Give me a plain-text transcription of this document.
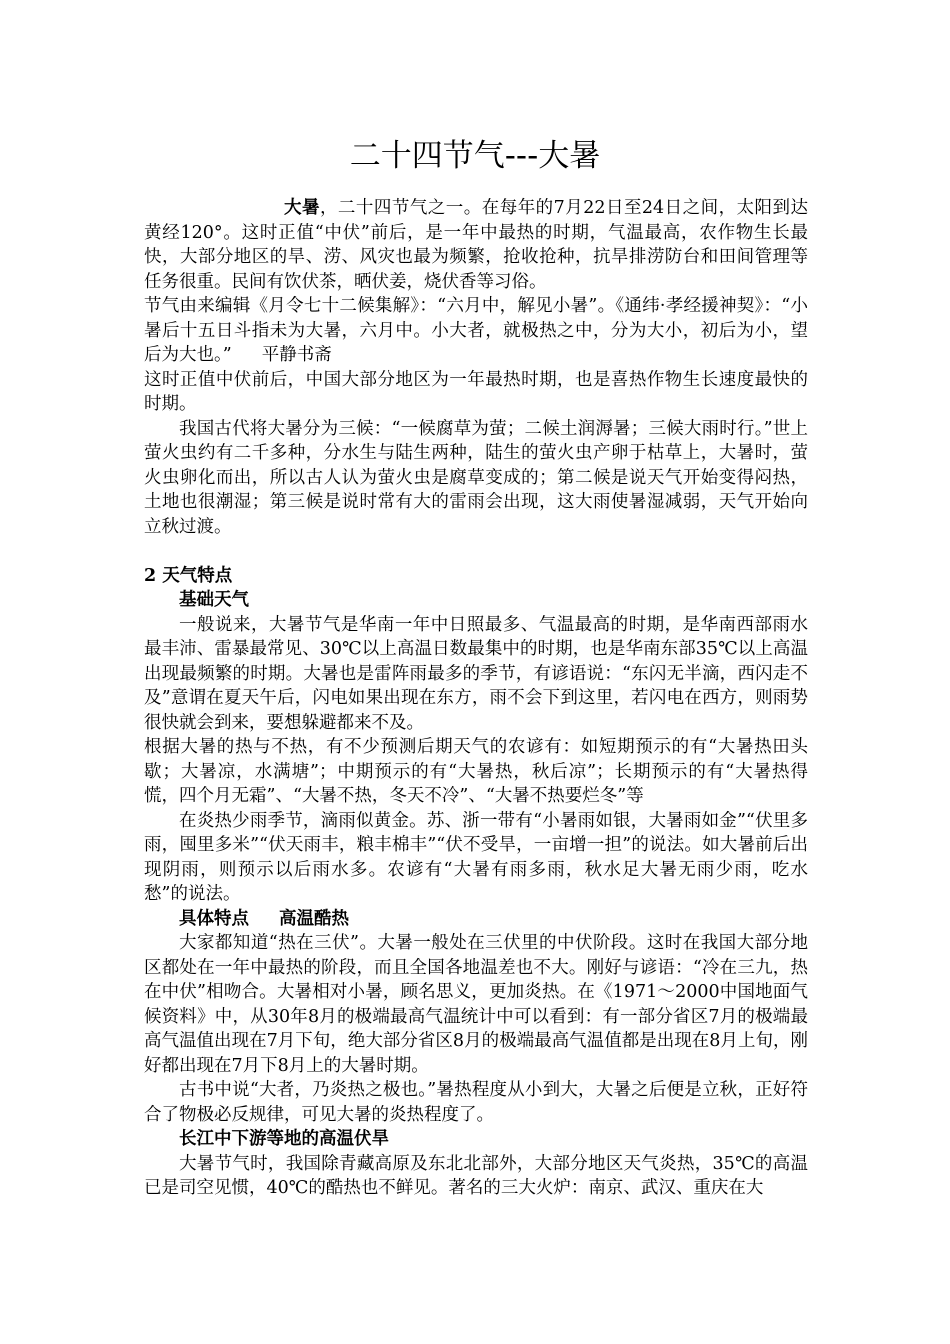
二十四节气---大暑

大暑，二十四节气之一。在每年的7月22日至24日之间，太阳到达黄经120°。这时正值“中伏”前后，是一年中最热的时期，气温最高，农作物生长最快，大部分地区的旱、涝、风灾也最为频繁，抢收抢种，抗旱排涝防台和田间管理等任务很重。民间有饮伏茶，晒伏姜，烧伏香等习俗。

节气由来编辑《月令七十二候集解》：“六月中，解见小暑”。《通纬·孝经援神契》：“小暑后十五日斗指未为大暑，六月中。小大者，就极热之中，分为大小，初后为小，望后为大也。” 平静书斋

这时正值中伏前后，中国大部分地区为一年最热时期，也是喜热作物生长速度最快的时期。

我国古代将大暑分为三候：“一候腐草为萤；二候土润溽暑；三候大雨时行。”世上萤火虫约有二千多种，分水生与陆生两种，陆生的萤火虫产卵于枯草上，大暑时，萤火虫卵化而出，所以古人认为萤火虫是腐草变成的；第二候是说天气开始变得闷热，土地也很潮湿；第三候是说时常有大的雷雨会出现，这大雨使暑湿减弱，天气开始向立秋过渡。

2 天气特点

基础天气

一般说来，大暑节气是华南一年中日照最多、气温最高的时期，是华南西部雨水最丰沛、雷暴最常见、30℃以上高温日数最集中的时期，也是华南东部35℃以上高温出现最频繁的时期。大暑也是雷阵雨最多的季节，有谚语说：“东闪无半滴，西闪走不及”意谓在夏天午后，闪电如果出现在东方，雨不会下到这里，若闪电在西方，则雨势很快就会到来，要想躲避都来不及。

根据大暑的热与不热，有不少预测后期天气的农谚有：如短期预示的有“大暑热田头歇；大暑凉，水满塘”；中期预示的有“大暑热，秋后凉”；长期预示的有“大暑热得慌，四个月无霜”、“大暑不热，冬天不冷”、“大暑不热要烂冬”等

在炎热少雨季节，滴雨似黄金。苏、浙一带有“小暑雨如银，大暑雨如金”“伏里多雨，囤里多米”“伏天雨丰，粮丰棉丰”“伏不受旱，一亩增一担”的说法。如大暑前后出现阴雨，则预示以后雨水多。农谚有“大暑有雨多雨，秋水足大暑无雨少雨，吃水愁”的说法。

具体特点 高温酷热

大家都知道“热在三伏”。大暑一般处在三伏里的中伏阶段。这时在我国大部分地区都处在一年中最热的阶段，而且全国各地温差也不大。刚好与谚语：“冷在三九，热在中伏”相吻合。大暑相对小暑，顾名思义，更加炎热。在《1971～2000中国地面气候资料》中，从30年8月的极端最高气温统计中可以看到：有一部分省区7月的极端最高气温值出现在7月下旬，绝大部分省区8月的极端最高气温值都是出现在8月上旬，刚好都出现在7月下8月上的大暑时期。

古书中说“大者，乃炎热之极也。”暑热程度从小到大，大暑之后便是立秋，正好符合了物极必反规律，可见大暑的炎热程度了。

长江中下游等地的高温伏旱

大暑节气时，我国除青藏高原及东北北部外，大部分地区天气炎热，35℃的高温已是司空见惯，40℃的酷热也不鲜见。著名的三大火炉：南京、武汉、重庆在大
